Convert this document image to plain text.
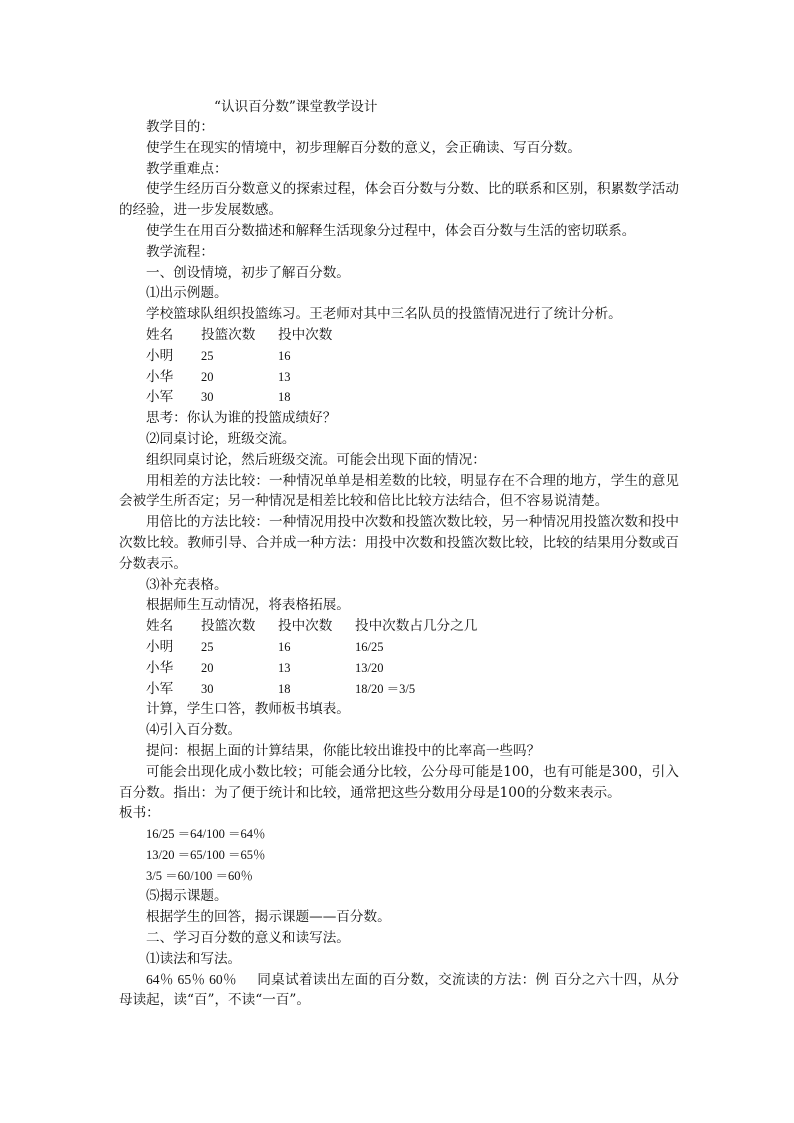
“认识百分数”课堂教学设计

教学目的：

使学生在现实的情境中，初步理解百分数的意义，会正确读、写百分数。

教学重难点：

使学生经历百分数意义的探索过程，体会百分数与分数、比的联系和区别，积累数学活动的经验，进一步发展数感。

使学生在用百分数描述和解释生活现象分过程中，体会百分数与生活的密切联系。

教学流程：

一、创设情境，初步了解百分数。

⑴出示例题。

学校篮球队组织投篮练习。王老师对其中三名队员的投篮情况进行了统计分析。

姓名	投篮次数	投中次数
小明	25	16
小华	20	13
小军	30	18

思考：你认为谁的投篮成绩好？

⑵同桌讨论，班级交流。

组织同桌讨论，然后班级交流。可能会出现下面的情况：

用相差的方法比较：一种情况单单是相差数的比较，明显存在不合理的地方，学生的意见会被学生所否定；另一种情况是相差比较和倍比比较方法结合，但不容易说清楚。

用倍比的方法比较：一种情况用投中次数和投篮次数比较，另一种情况用投篮次数和投中次数比较。教师引导、合并成一种方法：用投中次数和投篮次数比较，比较的结果用分数或百分数表示。

⑶补充表格。

根据师生互动情况，将表格拓展。

姓名	投篮次数	投中次数	投中次数占几分之几
小明	25	16	16/25
小华	20	13	13/20
小军	30	18	18/20 ＝3/5

计算，学生口答，教师板书填表。

⑷引入百分数。

提问：根据上面的计算结果，你能比较出谁投中的比率高一些吗？

可能会出现化成小数比较；可能会通分比较，公分母可能是100，也有可能是300，引入百分数。指出：为了便于统计和比较，通常把这些分数用分母是100的分数来表示。

板书：

16/25 ＝64/100 ＝64％

13/20 ＝65/100 ＝65％

3/5 ＝60/100 ＝60％

⑸揭示课题。

根据学生的回答，揭示课题——百分数。

二、学习百分数的意义和读写法。

⑴读法和写法。

64％ 65％ 60％ 同桌试着读出左面的百分数，交流读的方法：例 百分之六十四，从分母读起，读“百”，不读“一百”。
